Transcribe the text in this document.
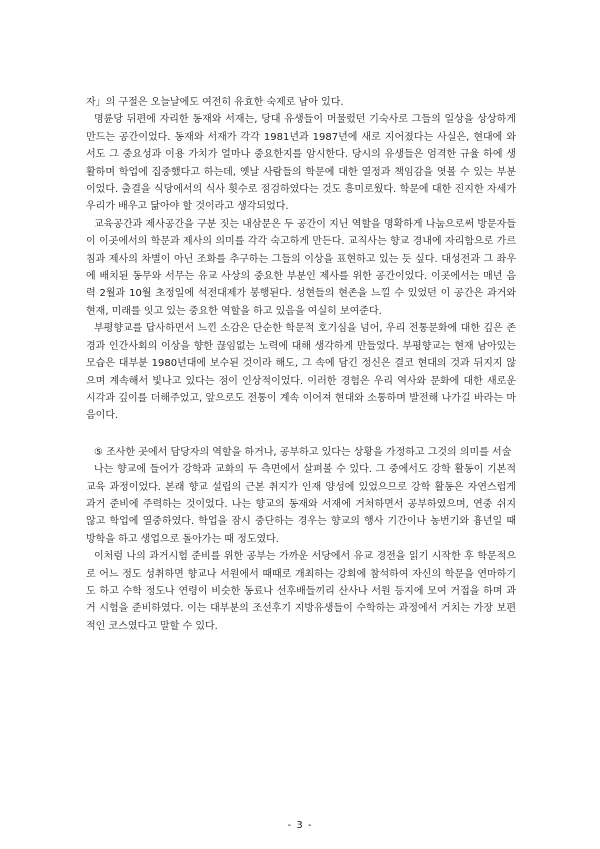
자」의 구절은 오늘날에도 여전히 유효한 숙제로 남아 있다.

명륜당 뒤편에 자리한 동재와 서재는, 당대 유생들이 머물렀던 기숙사로 그들의 일상을 상상하게 만드는 공간이었다. 동재와 서재가 각각 1981년과 1987년에 새로 지어졌다는 사실은, 현대에 와서도 그 중요성과 이용 가치가 얼마나 중요한지를 암시한다. 당시의 유생들은 엄격한 규율 하에 생활하며 학업에 집중했다고 하는데, 옛날 사람들의 학문에 대한 열정과 책임감을 엿볼 수 있는 부분이었다. 출결을 식당에서의 식사 횟수로 점검하였다는 것도 흥미로웠다. 학문에 대한 진지한 자세가 우리가 배우고 닮아야 할 것이라고 생각되었다.

교육공간과 제사공간을 구분 짓는 내삼문은 두 공간이 지닌 역할을 명확하게 나눔으로써 방문자들이 이곳에서의 학문과 제사의 의미를 각각 숙고하게 만든다. 교직사는 향교 경내에 자리함으로 가르침과 제사의 차별이 아닌 조화를 추구하는 그들의 이상을 표현하고 있는 듯 싶다. 대성전과 그 좌우에 배치된 동무와 서무는 유교 사상의 중요한 부분인 제사를 위한 공간이었다. 이곳에서는 매년 음력 2월과 10월 초정일에 석전대제가 봉행된다. 성현들의 현존을 느낄 수 있었던 이 공간은 과거와 현재, 미래를 잇고 있는 중요한 역할을 하고 있음을 여실히 보여준다.

부평향교를 답사하면서 느낀 소감은 단순한 학문적 호기심을 넘어, 우리 전통문화에 대한 깊은 존경과 인간사회의 이상을 향한 끊임없는 노력에 대해 생각하게 만들었다. 부평향교는 현재 남아있는 모습은 대부분 1980년대에 보수된 것이라 해도, 그 속에 담긴 정신은 결코 현대의 것과 뒤지지 않으며 계속해서 빛나고 있다는 점이 인상적이었다. 이러한 경험은 우리 역사와 문화에 대한 새로운 시각과 깊이를 더해주었고, 앞으로도 전통이 계속 이어져 현대와 소통하며 발전해 나가길 바라는 마음이다.

⑤ 조사한 곳에서 담당자의 역할을 하거나, 공부하고 있다는 상황을 가정하고 그것의 의미를 서술

나는 향교에 들어가 강학과 교화의 두 측면에서 살펴볼 수 있다. 그 중에서도 강학 활동이 기본적 교육 과정이었다. 본래 향교 설립의 근본 취지가 인재 양성에 있었으므로 강학 활동은 자연스럽게 과거 준비에 주력하는 것이었다. 나는 향교의 동재와 서재에 거처하면서 공부하였으며, 연중 쉬지 않고 학업에 열중하였다. 학업을 잠시 중단하는 경우는 향교의 행사 기간이나 농번기와 흉년일 때 방학을 하고 생업으로 돌아가는 때 정도였다.

이처럼 나의 과거시험 준비를 위한 공부는 가까운 서당에서 유교 경전을 읽기 시작한 후 학문적으로 어느 정도 성취하면 향교나 서원에서 때때로 개최하는 강회에 참석하여 자신의 학문을 연마하기도 하고 수학 정도나 연령이 비슷한 동료나 선후배들끼리 산사나 서원 등지에 모여 거접을 하며 과거 시험을 준비하였다. 이는 대부분의 조선후기 지방유생들이 수학하는 과정에서 거치는 가장 보편적인 코스였다고 말할 수 있다.

- 3 -
